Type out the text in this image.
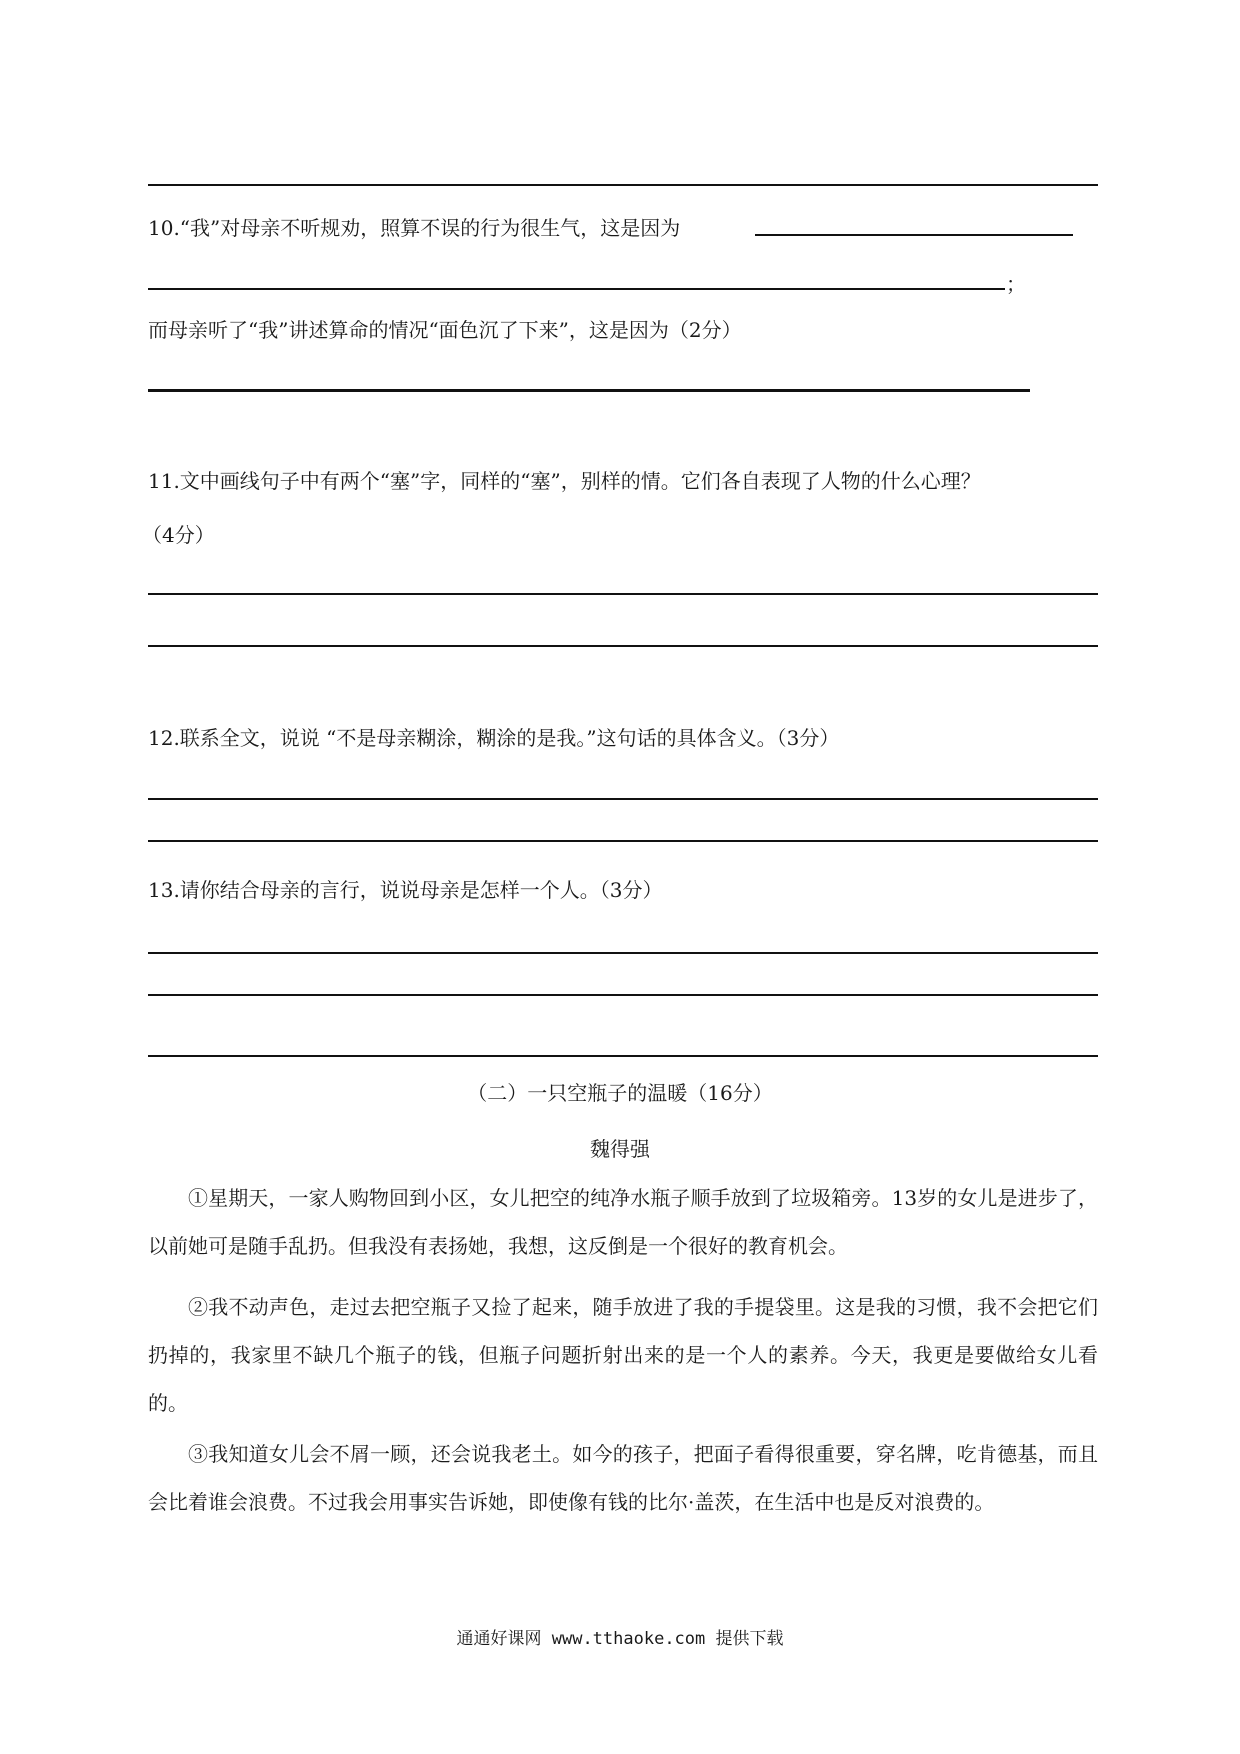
10.“我”对母亲不听规劝，照算不误的行为很生气，这是因为
；
而母亲听了“我”讲述算命的情况“面色沉了下来”，这是因为（2分）
11.文中画线句子中有两个“塞”字，同样的“塞”，别样的情。它们各自表现了人物的什么心理？
（4分）
12.联系全文，说说 “不是母亲糊涂，糊涂的是我。”这句话的具体含义。（3分）
13.请你结合母亲的言行，说说母亲是怎样一个人。（3分）
（二）一只空瓶子的温暖（16分）
魏得强
①星期天，一家人购物回到小区，女儿把空的纯净水瓶子顺手放到了垃圾箱旁。13岁的女儿是进步了，以前她可是随手乱扔。但我没有表扬她，我想，这反倒是一个很好的教育机会。
②我不动声色，走过去把空瓶子又捡了起来，随手放进了我的手提袋里。这是我的习惯，我不会把它们扔掉的，我家里不缺几个瓶子的钱，但瓶子问题折射出来的是一个人的素养。今天，我更是要做给女儿看的。
③我知道女儿会不屑一顾，还会说我老土。如今的孩子，把面子看得很重要，穿名牌，吃肯德基，而且会比着谁会浪费。不过我会用事实告诉她，即使像有钱的比尔·盖茨，在生活中也是反对浪费的。
通通好课网 www.tthaoke.com 提供下载
